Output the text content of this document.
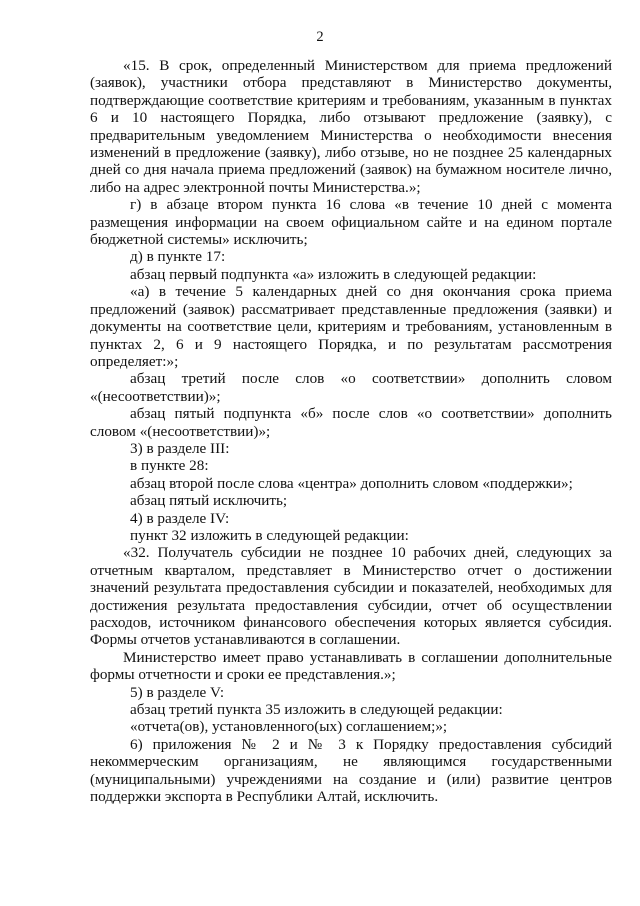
2

«15. В срок, определенный Министерством для приема предложений (заявок), участники отбора представляют в Министерство документы, подтверждающие соответствие критериям и требованиям, указанным в пунктах 6 и 10 настоящего Порядка, либо отзывают предложение (заявку), с предварительным уведомлением Министерства о необходимости внесения изменений в предложение (заявку), либо отзыве, но не позднее 25 календарных дней со дня начала приема предложений (заявок) на бумажном носителе лично, либо на адрес электронной почты Министерства.»;

г) в абзаце втором пункта 16 слова «в течение 10 дней с момента размещения информации на своем официальном сайте и на едином портале бюджетной системы» исключить;

д) в пункте 17:

абзац первый подпункта «а» изложить в следующей редакции:

«а) в течение 5 календарных дней со дня окончания срока приема предложений (заявок) рассматривает представленные предложения (заявки) и документы на соответствие цели, критериям и требованиям, установленным в пунктах 2, 6 и 9 настоящего Порядка, и по результатам рассмотрения определяет:»;

абзац третий после слов «о соответствии» дополнить словом «(несоответствии)»;

абзац пятый подпункта «б» после слов «о соответствии» дополнить словом «(несоответствии)»;

3) в разделе III:

в пункте 28:

абзац второй после слова «центра» дополнить словом «поддержки»;

абзац пятый исключить;

4) в разделе IV:

пункт 32 изложить в следующей редакции:

«32. Получатель субсидии не позднее 10 рабочих дней, следующих за отчетным кварталом, представляет в Министерство отчет о достижении значений результата предоставления субсидии и показателей, необходимых для достижения результата предоставления субсидии, отчет об осуществлении расходов, источником финансового обеспечения которых является субсидия. Формы отчетов устанавливаются в соглашении.

Министерство имеет право устанавливать в соглашении дополнительные формы отчетности и сроки ее представления.»;

5) в разделе V:

абзац третий пункта 35 изложить в следующей редакции:

«отчета(ов), установленного(ых) соглашением;»;

6) приложения № 2 и № 3 к Порядку предоставления субсидий некоммерческим организациям, не являющимся государственными (муниципальными) учреждениями на создание и (или) развитие центров поддержки экспорта в Республики Алтай, исключить.
